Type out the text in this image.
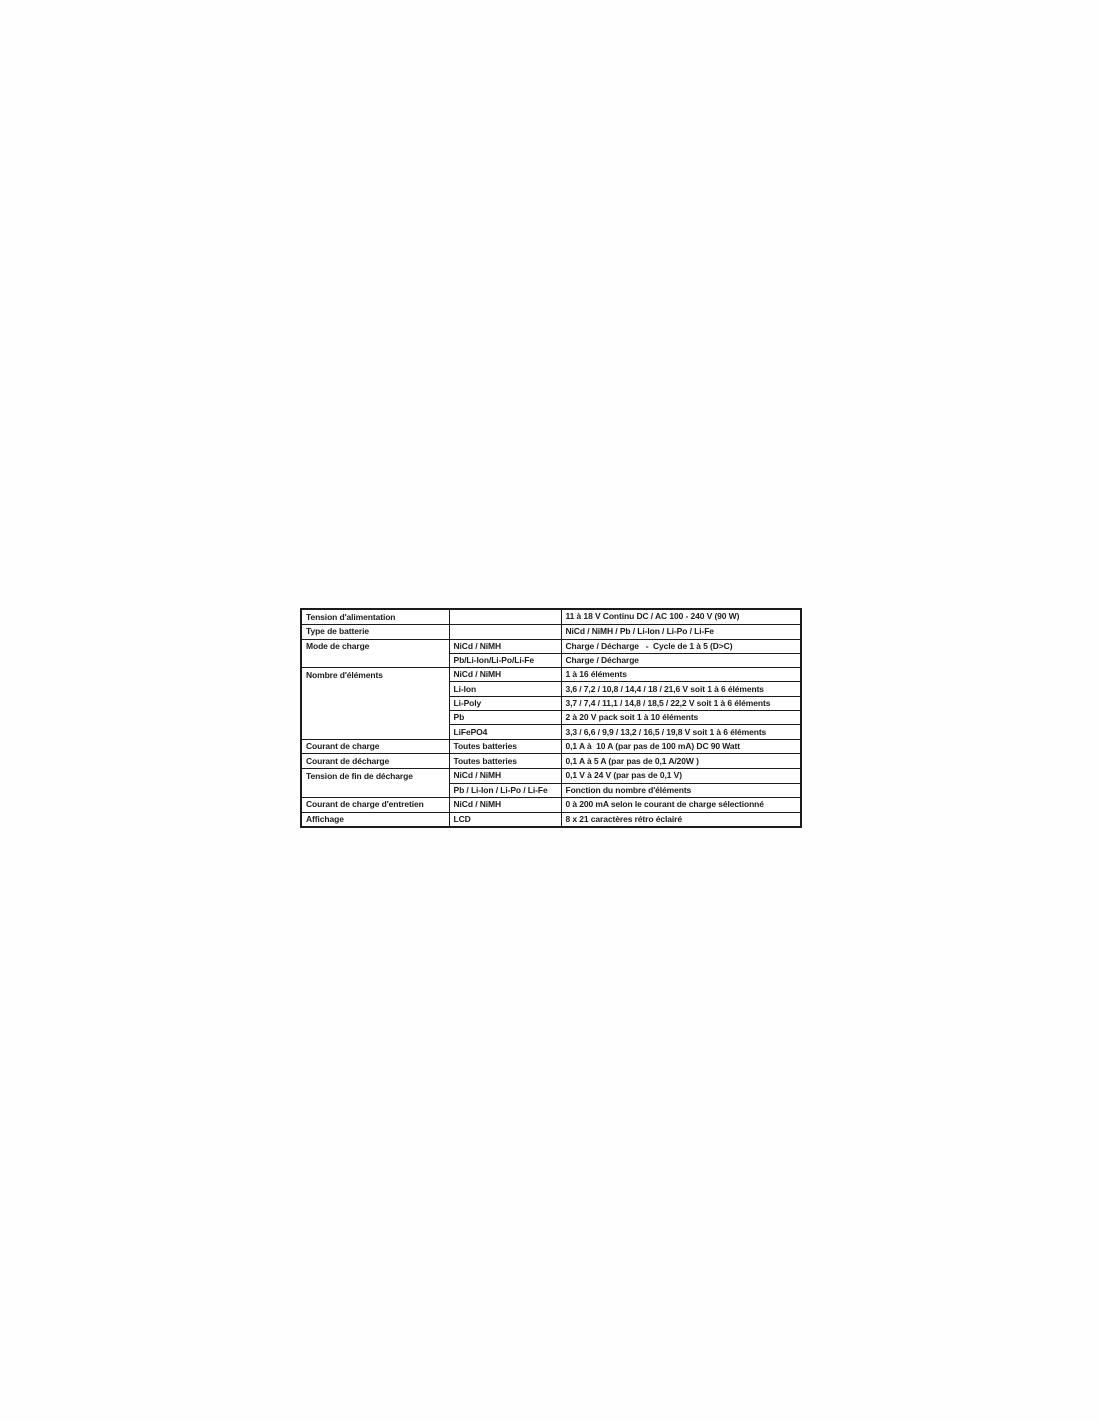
Tension d'alimentation		11 à 18 V Continu DC / AC 100 - 240 V (90 W)
Type de batterie		NiCd / NiMH / Pb / Li-Ion / Li-Po / Li-Fe
Mode de charge	NiCd / NiMH	Charge / Décharge   -  Cycle de 1 à 5 (D>C)
	Pb/Li-Ion/Li-Po/Li-Fe	Charge / Décharge
Nombre d'éléments	NiCd / NiMH	1 à 16 éléments
	Li-Ion	3,6 / 7,2 / 10,8 / 14,4 / 18 / 21,6 V soit 1 à 6 éléments
	Li-Poly	3,7 / 7,4 / 11,1 / 14,8 / 18,5 / 22,2 V soit 1 à 6 éléments
	Pb	2 à 20 V pack soit 1 à 10 éléments
	LiFePO4	3,3 / 6,6 / 9,9 / 13,2 / 16,5 / 19,8 V soit 1 à 6 éléments
Courant de charge	Toutes batteries	0,1 A à  10 A (par pas de 100 mA) DC 90 Watt
Courant de décharge	Toutes batteries	0,1 A à 5 A (par pas de 0,1 A/20W )
Tension de fin de décharge	NiCd / NiMH	0,1 V à 24 V (par pas de 0,1 V)
	Pb / Li-Ion / Li-Po / Li-Fe	Fonction du nombre d'éléments
Courant de charge d'entretien	NiCd / NiMH	0 à 200 mA selon le courant de charge sélectionné
Affichage	LCD	8 x 21 caractères rétro éclairé
